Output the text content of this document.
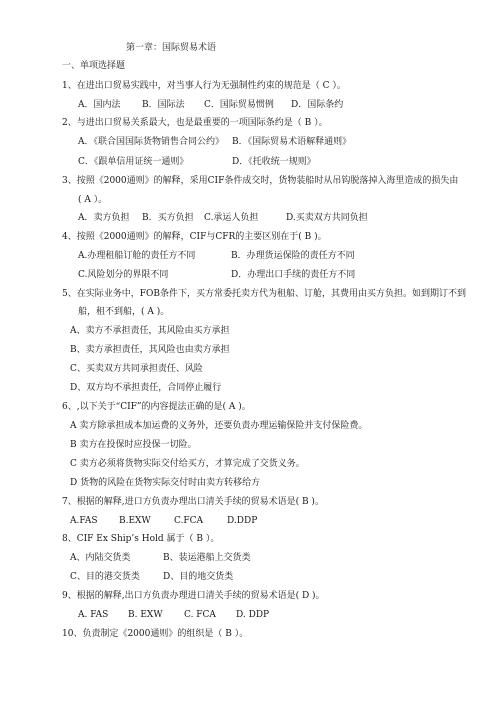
第一章：国际贸易术语
一、单项选择题
1、在进出口贸易实践中，对当事人行为无强制性约束的规范是（ C ）。
A．国内法 B．国际法 C．国际贸易惯例 D．国际条约
2、与进出口贸易关系最大，也是最重要的一项国际条约是（ B ）。
A．《联合国国际货物销售合同公约》 B．《国际贸易术语解释通则》
C．《跟单信用证统一通则》	D．《托收统一规则》
3、按照《2000通则》的解释，采用CIF条件成交时，货物装船时从吊钩脱落掉入海里造成的损失由
( A ）。
A．卖方负担 B．买方负担 C.承运人负担	D.买卖双方共同负担
4、按照《2000通则》的解释，CIF与CFR的主要区别在于( B )。
A.办理租船订舱的责任方不同	B．办理货运保险的责任方不同
C.风险划分的界限不同	D．办理出口手续的责任方不同
5、在实际业务中，FOB条件下，买方常委托卖方代为租船、订舱，其费用由买方负担。如到期订不到
船，租不到船，( A )。
A、卖方不承担责任，其风险由买方承担
B、卖方承担责任，其风险也由卖方承担
C、买卖双方共同承担责任、风险
D、双方均不承担责任，合同停止履行
6、,以下关于“CIF”的内容提法正确的是( A )。
A 卖方除承担成本加运费的义务外，还要负责办理运输保险并支付保险费。
B 卖方在投保时应投保一切险。
C 卖方必须将货物实际交付给买方，才算完成了交货义务。
D 货物的风险在货物实际交付时由卖方转移给方
7、根据的解释,进口方负责办理出口清关手续的贸易术语是( B )。
A.FAS B.EXW	C.FCA	D.DDP
8、CIF Ex Ship’s Hold 属于（ B ）。
A、内陆交货类	B、装运港船上交货类
C、目的港交货类	D、目的地交货类
9、根据的解释,出口方负责办理进口清关手续的贸易术语是( D )。
A. FAS B. EXW C. FCA D. DDP
10、负责制定《2000通则》的组织是（ B ）。
